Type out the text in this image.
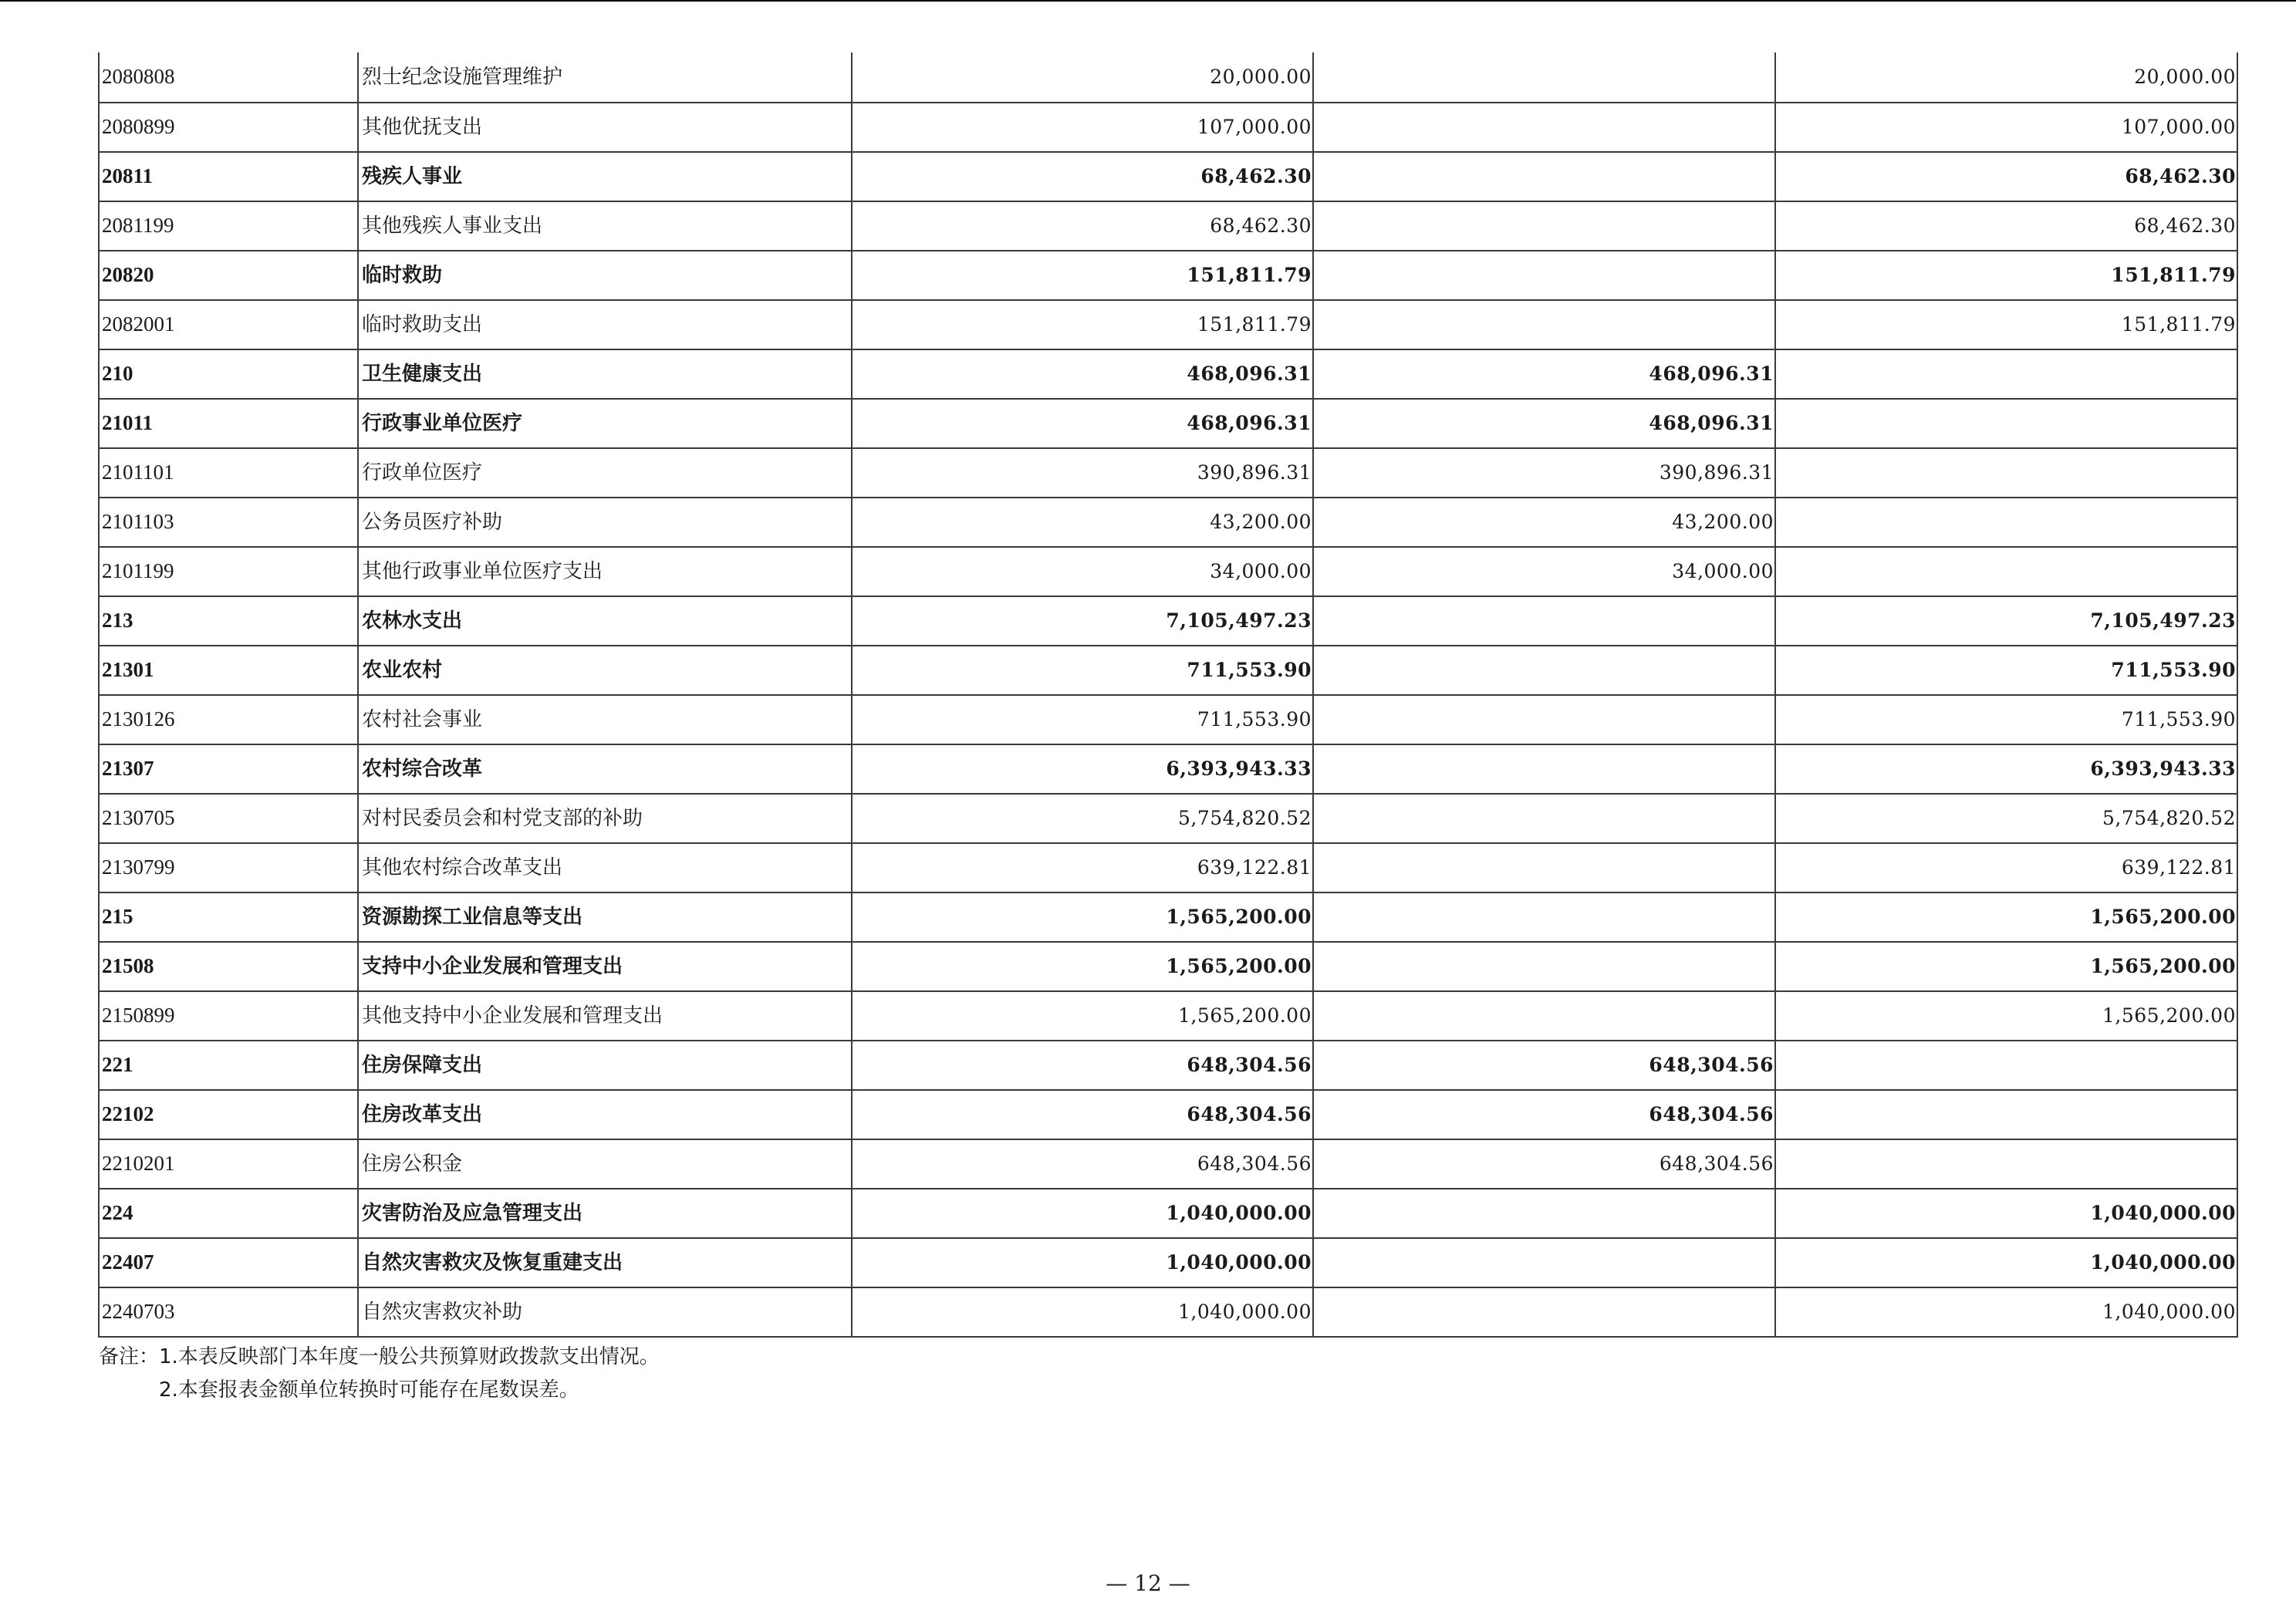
2080808	烈士纪念设施管理维护	20,000.00		20,000.00
2080899	其他优抚支出	107,000.00		107,000.00
20811	残疾人事业	68,462.30		68,462.30
2081199	其他残疾人事业支出	68,462.30		68,462.30
20820	临时救助	151,811.79		151,811.79
2082001	临时救助支出	151,811.79		151,811.79
210	卫生健康支出	468,096.31	468,096.31	
21011	行政事业单位医疗	468,096.31	468,096.31	
2101101	行政单位医疗	390,896.31	390,896.31	
2101103	公务员医疗补助	43,200.00	43,200.00	
2101199	其他行政事业单位医疗支出	34,000.00	34,000.00	
213	农林水支出	7,105,497.23		7,105,497.23
21301	农业农村	711,553.90		711,553.90
2130126	农村社会事业	711,553.90		711,553.90
21307	农村综合改革	6,393,943.33		6,393,943.33
2130705	对村民委员会和村党支部的补助	5,754,820.52		5,754,820.52
2130799	其他农村综合改革支出	639,122.81		639,122.81
215	资源勘探工业信息等支出	1,565,200.00		1,565,200.00
21508	支持中小企业发展和管理支出	1,565,200.00		1,565,200.00
2150899	其他支持中小企业发展和管理支出	1,565,200.00		1,565,200.00
221	住房保障支出	648,304.56	648,304.56	
22102	住房改革支出	648,304.56	648,304.56	
2210201	住房公积金	648,304.56	648,304.56	
224	灾害防治及应急管理支出	1,040,000.00		1,040,000.00
22407	自然灾害救灾及恢复重建支出	1,040,000.00		1,040,000.00
2240703	自然灾害救灾补助	1,040,000.00		1,040,000.00
备注：1.本表反映部门本年度一般公共预算财政拨款支出情况。
2.本套报表金额单位转换时可能存在尾数误差。
— 12 —
